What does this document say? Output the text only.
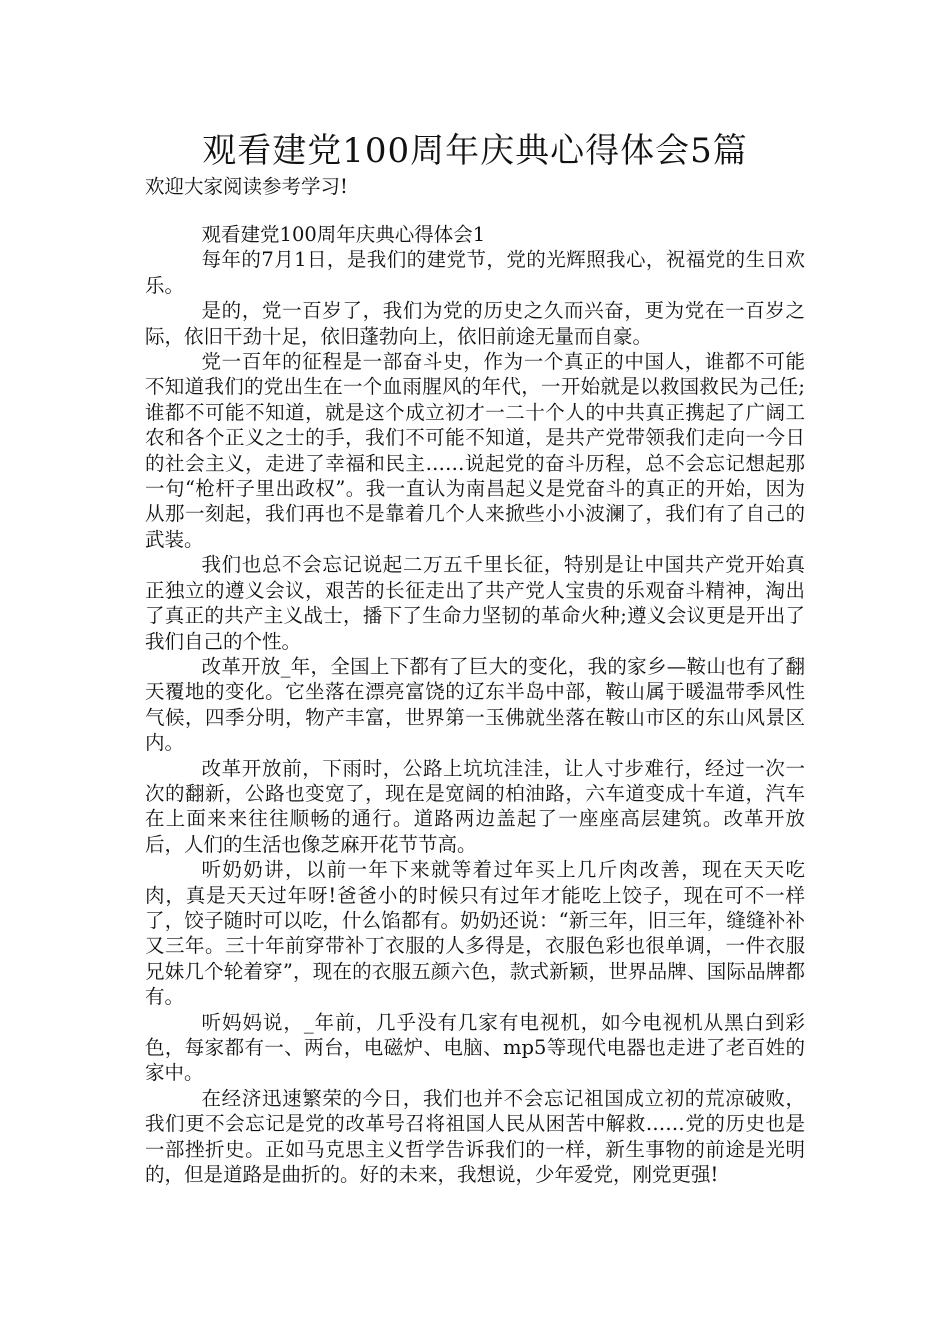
观看建党100周年庆典心得体会5篇

欢迎大家阅读参考学习!

观看建党100周年庆典心得体会1

每年的7月1日，是我们的建党节，党的光辉照我心，祝福党的生日欢乐。

是的，党一百岁了，我们为党的历史之久而兴奋，更为党在一百岁之际，依旧干劲十足，依旧蓬勃向上，依旧前途无量而自豪。

党一百年的征程是一部奋斗史，作为一个真正的中国人，谁都不可能不知道我们的党出生在一个血雨腥风的年代，一开始就是以救国救民为己任;谁都不可能不知道，就是这个成立初才一二十个人的中共真正携起了广阔工农和各个正义之士的手，我们不可能不知道，是共产党带领我们走向一今日的社会主义，走进了幸福和民主……说起党的奋斗历程，总不会忘记想起那一句“枪杆子里出政权”。我一直认为南昌起义是党奋斗的真正的开始，因为从那一刻起，我们再也不是靠着几个人来掀些小小波澜了，我们有了自己的武装。

我们也总不会忘记说起二万五千里长征，特别是让中国共产党开始真正独立的遵义会议，艰苦的长征走出了共产党人宝贵的乐观奋斗精神，淘出了真正的共产主义战士，播下了生命力坚韧的革命火种;遵义会议更是开出了我们自己的个性。

改革开放_年，全国上下都有了巨大的变化，我的家乡—鞍山也有了翻天覆地的变化。它坐落在漂亮富饶的辽东半岛中部，鞍山属于暖温带季风性气候，四季分明，物产丰富，世界第一玉佛就坐落在鞍山市区的东山风景区内。

改革开放前，下雨时，公路上坑坑洼洼，让人寸步难行，经过一次一次的翻新，公路也变宽了，现在是宽阔的柏油路，六车道变成十车道，汽车在上面来来往往顺畅的通行。道路两边盖起了一座座高层建筑。改革开放后，人们的生活也像芝麻开花节节高。

听奶奶讲，以前一年下来就等着过年买上几斤肉改善，现在天天吃肉，真是天天过年呀!爸爸小的时候只有过年才能吃上饺子，现在可不一样了，饺子随时可以吃，什么馅都有。奶奶还说：“新三年，旧三年，缝缝补补又三年。三十年前穿带补丁衣服的人多得是，衣服色彩也很单调，一件衣服兄妹几个轮着穿”，现在的衣服五颜六色，款式新颖，世界品牌、国际品牌都有。

听妈妈说，_年前，几乎没有几家有电视机，如今电视机从黑白到彩色，每家都有一、两台，电磁炉、电脑、mp5等现代电器也走进了老百姓的家中。

在经济迅速繁荣的今日，我们也并不会忘记祖国成立初的荒凉破败，我们更不会忘记是党的改革号召将祖国人民从困苦中解救……党的历史也是一部挫折史。正如马克思主义哲学告诉我们的一样，新生事物的前途是光明的，但是道路是曲折的。好的未来，我想说，少年爱党，刚党更强!
